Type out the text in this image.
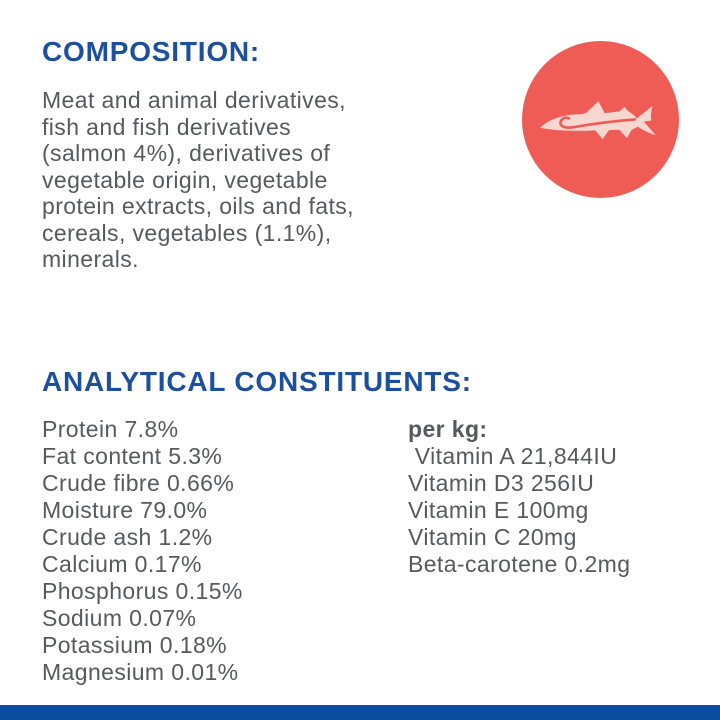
COMPOSITION:
Meat and animal derivatives,
fish and fish derivatives
(salmon 4%), derivatives of
vegetable origin, vegetable
protein extracts, oils and fats,
cereals, vegetables (1.1%),
minerals.
ANALYTICAL CONSTITUENTS:
Protein 7.8%
Fat content 5.3%
Crude fibre 0.66%
Moisture 79.0%
Crude ash 1.2%
Calcium 0.17%
Phosphorus 0.15%
Sodium 0.07%
Potassium 0.18%
Magnesium 0.01%
per kg:
Vitamin A 21,844IU
Vitamin D3 256IU
Vitamin E 100mg
Vitamin C 20mg
Beta-carotene 0.2mg
